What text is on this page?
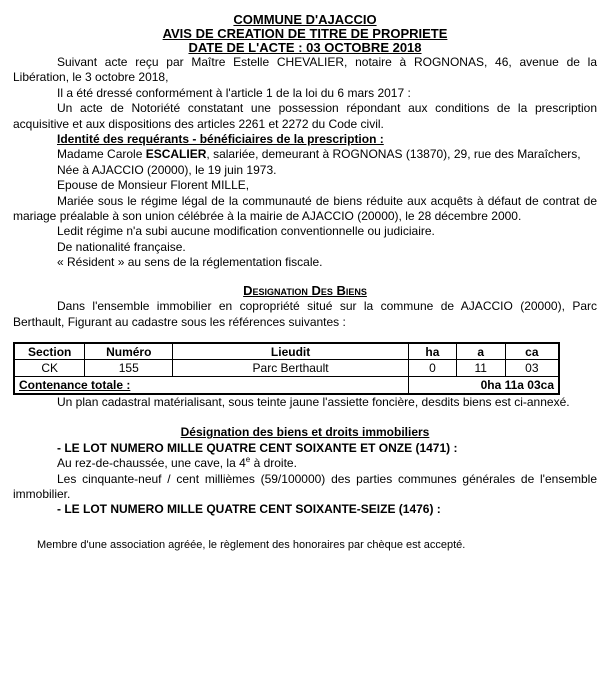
COMMUNE D'AJACCIO
AVIS DE CREATION DE TITRE DE PROPRIETE
DATE DE L'ACTE : 03 OCTOBRE 2018

Suivant acte reçu par Maître Estelle CHEVALIER, notaire à ROGNONAS, 46, avenue de la Libération, le 3 octobre 2018,

Il a été dressé conformément à l'article 1 de la loi du 6 mars 2017 :

Un acte de Notoriété constatant une possession répondant aux conditions de la prescription acquisitive et aux dispositions des articles 2261 et 2272 du Code civil.

Identité des requérants - bénéficiaires de la prescription :

Madame Carole ESCALIER, salariée, demeurant à ROGNONAS (13870), 29, rue des Maraîchers,

Née à AJACCIO (20000), le 19 juin 1973.

Epouse de Monsieur Florent MILLE,

Mariée sous le régime légal de la communauté de biens réduite aux acquêts à défaut de contrat de mariage préalable à son union célébrée à la mairie de AJACCIO (20000), le 28 décembre 2000.

Ledit régime n'a subi aucune modification conventionnelle ou judiciaire.

De nationalité française.

« Résident » au sens de la réglementation fiscale.

Designation Des Biens

Dans l'ensemble immobilier en copropriété situé sur la commune de AJACCIO (20000), Parc Berthault, Figurant au cadastre sous les références suivantes :

Section	Numéro	Lieudit	ha	a	ca
CK	155	Parc Berthault	0	11	03
Contenance totale :			0ha 11a 03ca		

Un plan cadastral matérialisant, sous teinte jaune l'assiette foncière, desdits biens est ci-annexé.

Désignation des biens et droits immobiliers

- LE LOT NUMERO MILLE QUATRE CENT SOIXANTE ET ONZE (1471) :

Au rez-de-chaussée, une cave, la 4e à droite.

Les cinquante-neuf / cent millièmes (59/100000) des parties communes générales de l'ensemble immobilier.

- LE LOT NUMERO MILLE QUATRE CENT SOIXANTE-SEIZE (1476) :

Membre d'une association agréée, le règlement des honoraires par chèque est accepté.
